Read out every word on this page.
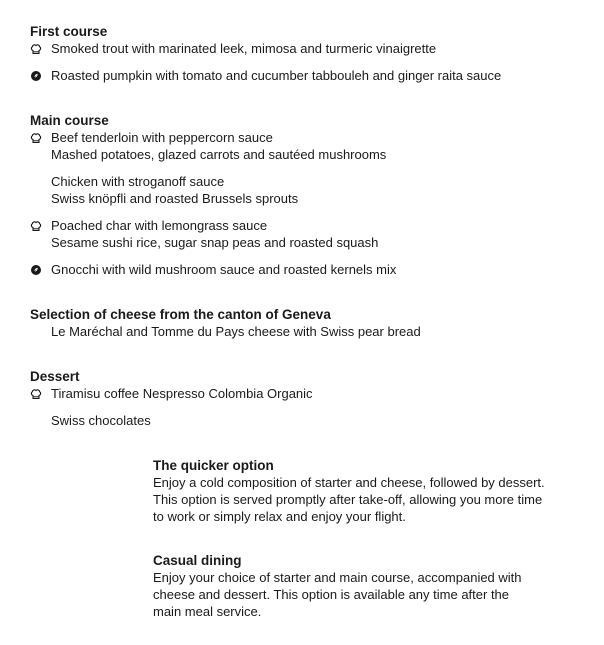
First course

Smoked trout with marinated leek, mimosa and turmeric vinaigrette

Roasted pumpkin with tomato and cucumber tabbouleh and ginger raita sauce

Main course

Beef tenderloin with peppercorn sauce

Mashed potatoes, glazed carrots and sautéed mushrooms

Chicken with stroganoff sauce

Swiss knöpfli and roasted Brussels sprouts

Poached char with lemongrass sauce

Sesame sushi rice, sugar snap peas and roasted squash

Gnocchi with wild mushroom sauce and roasted kernels mix

Selection of cheese from the canton of Geneva

Le Maréchal and Tomme du Pays cheese with Swiss pear bread

Dessert

Tiramisu coffee Nespresso Colombia Organic

Swiss chocolates

The quicker option

Enjoy a cold composition of starter and cheese, followed by dessert.

This option is served promptly after take-off, allowing you more time

to work or simply relax and enjoy your flight.

Casual dining

Enjoy your choice of starter and main course, accompanied with

cheese and dessert. This option is available any time after the

main meal service.
